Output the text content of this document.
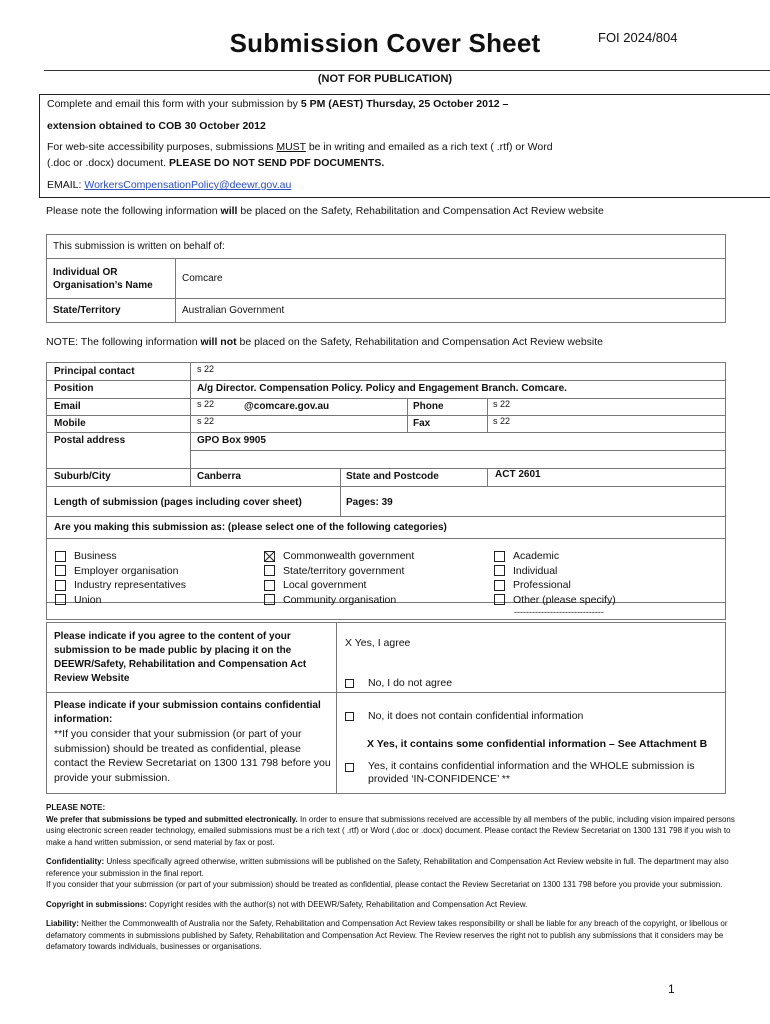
Submission Cover Sheet	FOI 2024/804
(NOT FOR PUBLICATION)
Complete and email this form with your submission by 5 PM (AEST) Thursday, 25 October 2012 –
extension obtained to COB 30 October 2012
For web-site accessibility purposes, submissions MUST be in writing and emailed as a rich text ( .rtf) or Word
(.doc or .docx) document. PLEASE DO NOT SEND PDF DOCUMENTS.
EMAIL: WorkersCompensationPolicy@deewr.gov.au
Please note the following information will be placed on the Safety, Rehabilitation and Compensation Act Review website
This submission is written on behalf of:	
Individual OR Organisation’s Name	Comcare
State/Territory	Australian Government
NOTE: The following information will not be placed on the Safety, Rehabilitation and Compensation Act Review website
Principal contact	s 22
Position	A/g Director. Compensation Policy. Policy and Engagement Branch. Comcare.
Email	s 22	@comcare.gov.au	Phone	s 22
Mobile	s 22	Fax	s 22
Postal address	GPO Box 9905
Suburb/City	Canberra	State and Postcode	ACT 2601
Length of submission (pages including cover sheet)	Pages: 39
Are you making this submission as: (please select one of the following categories)
Business
Employer organisation
Industry representatives
Union
Commonwealth government
State/territory government
Local government
Community organisation
Academic
Individual
Professional
Other (please specify)
------------------------------
Please indicate if you agree to the content of your submission to be made public by placing it on the DEEWR/Safety, Rehabilitation and Compensation Act Review Website
X Yes, I agree
No, I do not agree
Please indicate if your submission contains confidential information:
**If you consider that your submission (or part of your submission) should be treated as confidential, please contact the Review Secretariat on 1300 131 798 before you provide your submission.
No, it does not contain confidential information
X Yes, it contains some confidential information – See Attachment B
Yes, it contains confidential information and the WHOLE submission is provided ‘IN-CONFIDENCE’ **
PLEASE NOTE:
We prefer that submissions be typed and submitted electronically. In order to ensure that submissions received are accessible by all members of the public, including vision impaired persons using electronic screen reader technology, emailed submissions must be a rich text ( .rtf) or Word (.doc or .docx) document. Please contact the Review Secretariat on 1300 131 798 if you wish to make a hand written submission, or send material by fax or post.
Confidentiality: Unless specifically agreed otherwise, written submissions will be published on the Safety, Rehabilitation and Compensation Act Review website in full. The department may also reference your submission in the final report.
If you consider that your submission (or part of your submission) should be treated as confidential, please contact the Review Secretariat on 1300 131 798 before you provide your submission.
Copyright in submissions: Copyright resides with the author(s) not with DEEWR/Safety, Rehabilitation and Compensation Act Review.
Liability: Neither the Commonwealth of Australia nor the Safety, Rehabilitation and Compensation Act Review takes responsibility or shall be liable for any breach of the copyright, or libellous or defamatory comments in submissions published by Safety, Rehabilitation and Compensation Act Review. The Review reserves the right not to publish any submissions that it considers may be defamatory towards individuals, businesses or organisations.
1
